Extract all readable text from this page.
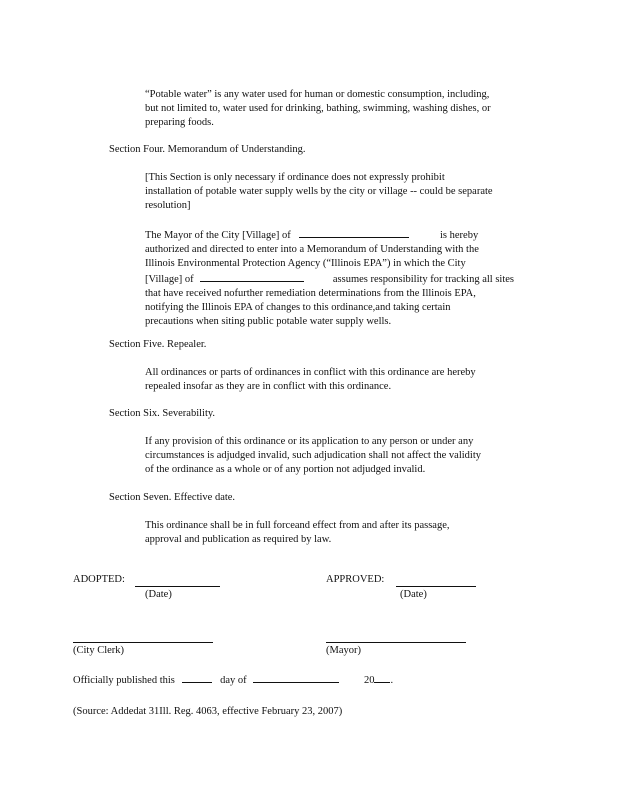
“Potable water” is any water used for human or domestic consumption, including,
but not limited to, water used for drinking, bathing, swimming, washing dishes, or
preparing foods.
Section Four. Memorandum of Understanding.
[This Section is only necessary if ordinance does not expressly prohibit
installation of potable water supply wells by the city or village -- could be separate
resolution]
The Mayor of the City [Village] of	is hereby
authorized and directed to enter into a Memorandum of Understanding with the
Illinois Environmental Protection Agency (“Illinois EPA”) in which the City
[Village] of	assumes responsibility for tracking all sites
that have received nofurther remediation determinations from the Illinois EPA,
notifying the Illinois EPA of changes to this ordinance,and taking certain
precautions when siting public potable water supply wells.
Section Five. Repealer.
All ordinances or parts of ordinances in conflict with this ordinance are hereby
repealed insofar as they are in conflict with this ordinance.
Section Six. Severability.
If any provision of this ordinance or its application to any person or under any
circumstances is adjudged invalid, such adjudication shall not affect the validity
of the ordinance as a whole or of any portion not adjudged invalid.
Section Seven. Effective date.
This ordinance shall be in full forceand effect from and after its passage,
approval and publication as required by law.
ADOPTED:
(Date)
APPROVED:
(Date)
(City Clerk)	(Mayor)
Officially published this	day of	20 .
(Source: Addedat 31Ill. Reg. 4063, effective February 23, 2007)
